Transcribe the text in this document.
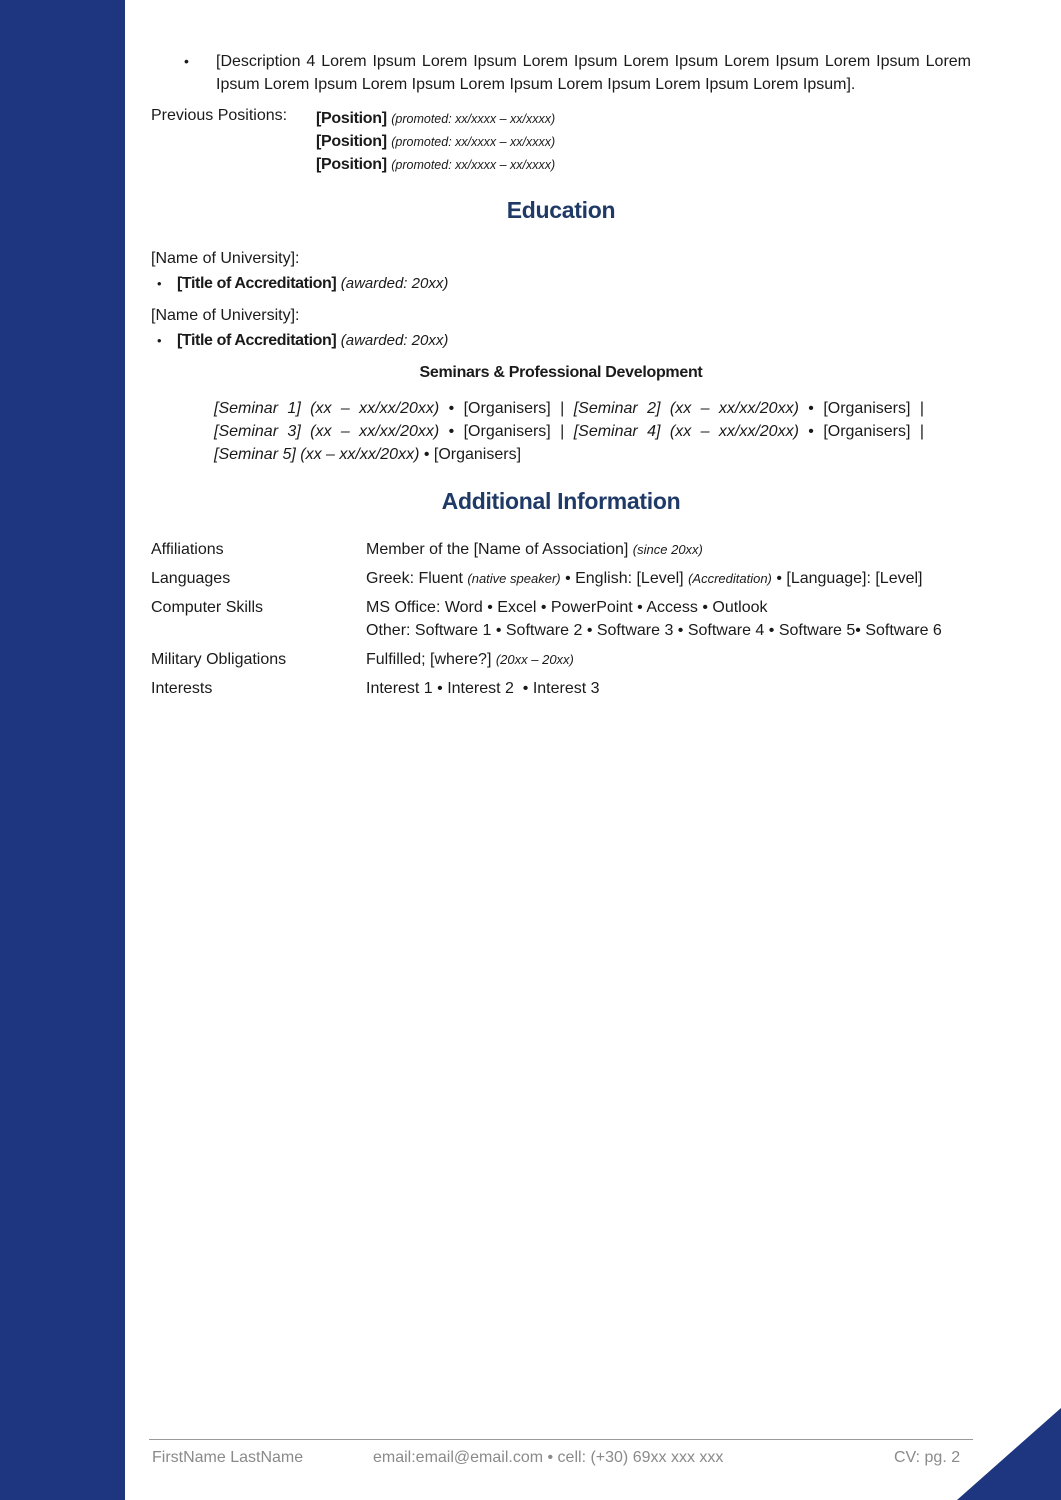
•	[Description 4 Lorem Ipsum Lorem Ipsum Lorem Ipsum Lorem Ipsum Lorem Ipsum Lorem Ipsum Lorem Ipsum Lorem Ipsum Lorem Ipsum Lorem Ipsum Lorem Ipsum Lorem Ipsum Lorem Ipsum].
Previous Positions: [Position] (promoted: xx/xxxx – xx/xxxx)
[Position] (promoted: xx/xxxx – xx/xxxx)
[Position] (promoted: xx/xxxx – xx/xxxx)
Education
[Name of University]:
• [Title of Accreditation] (awarded: 20xx)
[Name of University]:
• [Title of Accreditation] (awarded: 20xx)
Seminars & Professional Development
[Seminar 1] (xx – xx/xx/20xx) • [Organisers] | [Seminar 2] (xx – xx/xx/20xx) • [Organisers] |
[Seminar 3] (xx – xx/xx/20xx) • [Organisers] | [Seminar 4] (xx – xx/xx/20xx) • [Organisers] |
[Seminar 5] (xx – xx/xx/20xx) • [Organisers]
Additional Information
Affiliations	Member of the [Name of Association] (since 20xx)
Languages	Greek: Fluent (native speaker) • English: [Level] (Accreditation) • [Language]: [Level]
Computer Skills	MS Office: Word • Excel • PowerPoint • Access • Outlook
Other: Software 1 • Software 2 • Software 3 • Software 4 • Software 5• Software 6
Military Obligations	Fulfilled; [where?] (20xx – 20xx)
Interests	Interest 1 • Interest 2  • Interest 3
FirstName LastName	email:email@email.com • cell: (+30) 69xx xxx xxx	CV: pg. 2
